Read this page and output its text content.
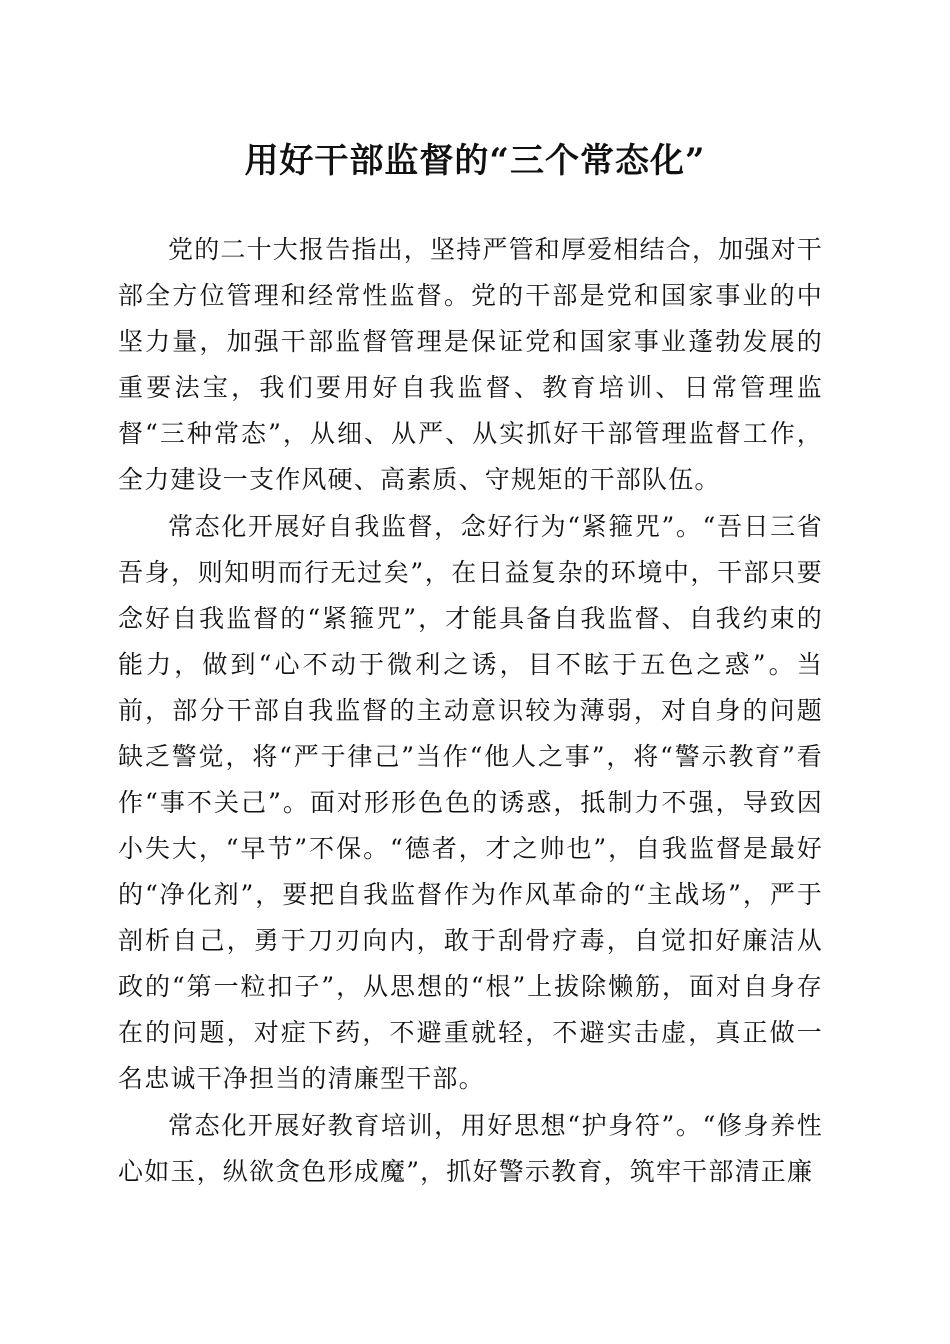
用好干部监督的“三个常态化”

党的二十大报告指出，坚持严管和厚爱相结合，加强对干部全方位管理和经常性监督。党的干部是党和国家事业的中坚力量，加强干部监督管理是保证党和国家事业蓬勃发展的重要法宝，我们要用好自我监督、教育培训、日常管理监督“三种常态”，从细、从严、从实抓好干部管理监督工作，全力建设一支作风硬、高素质、守规矩的干部队伍。

常态化开展好自我监督，念好行为“紧箍咒”。“吾日三省吾身，则知明而行无过矣”，在日益复杂的环境中，干部只要念好自我监督的“紧箍咒”，才能具备自我监督、自我约束的能力，做到“心不动于微利之诱，目不眩于五色之惑”。当前，部分干部自我监督的主动意识较为薄弱，对自身的问题缺乏警觉，将“严于律己”当作“他人之事”，将“警示教育”看作“事不关己”。面对形形色色的诱惑，抵制力不强，导致因小失大，“早节”不保。“德者，才之帅也”，自我监督是最好的“净化剂”，要把自我监督作为作风革命的“主战场”，严于剖析自己，勇于刀刃向内，敢于刮骨疗毒，自觉扣好廉洁从政的“第一粒扣子”，从思想的“根”上拔除懒筋，面对自身存在的问题，对症下药，不避重就轻，不避实击虚，真正做一名忠诚干净担当的清廉型干部。

常态化开展好教育培训，用好思想“护身符”。“修身养性心如玉，纵欲贪色形成魔”，抓好警示教育，筑牢干部清正廉
